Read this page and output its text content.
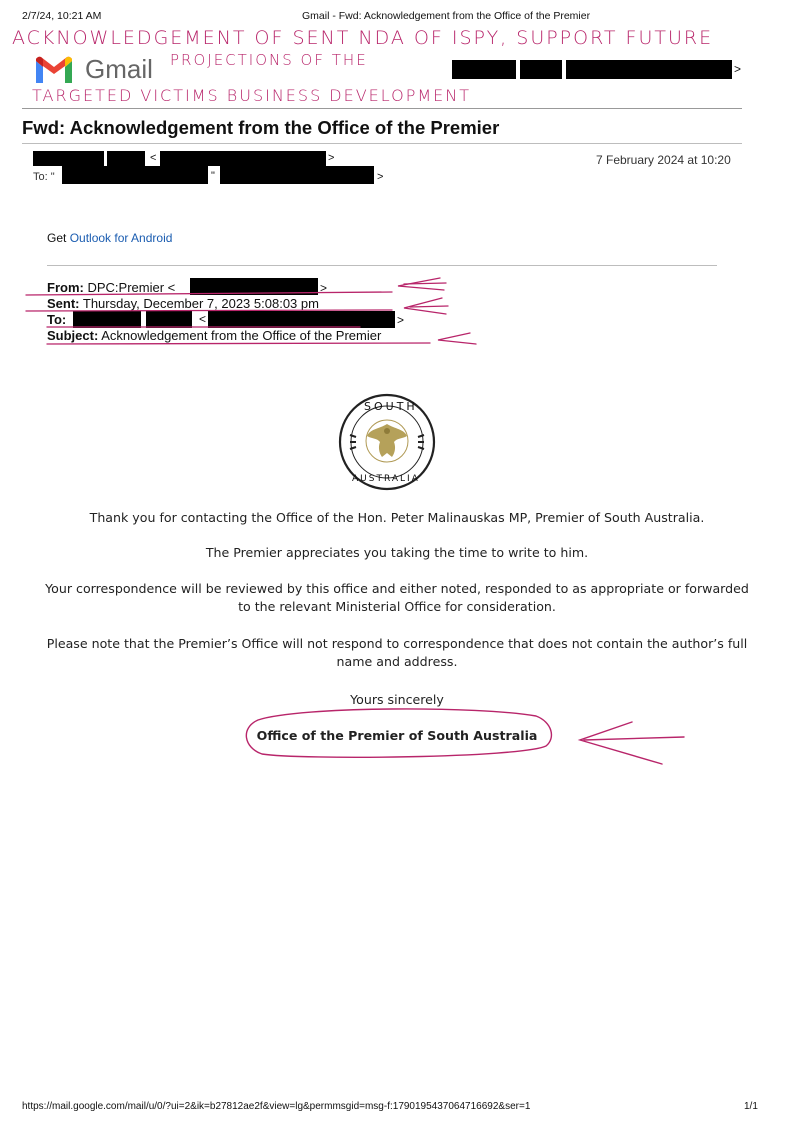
2/7/24, 10:21 AM	Gmail - Fwd: Acknowledgement from the Office of the Premier
ACKNOWLEDGEMENT OF SENT NDA OF ISPY, SUPPORT FUTURE
Gmail PROJECTIONS OF THE	>
TARGETED VICTIMS BUSINESS DEVELOPMENT
Fwd: Acknowledgement from the Office of the Premier
<	>	7 February 2024 at 10:20
To: "	"	>
Get Outlook for Android
From: DPC:Premier <	>
Sent: Thursday, December 7, 2023 5:08:03 pm
To:	<	>
Subject: Acknowledgement from the Office of the Premier
SOUTH
AUSTRALIA
Thank you for contacting the Office of the Hon. Peter Malinauskas MP, Premier of South Australia.
The Premier appreciates you taking the time to write to him.
Your correspondence will be reviewed by this office and either noted, responded to as appropriate or forwarded
to the relevant Ministerial Office for consideration.
Please note that the Premier’s Office will not respond to correspondence that does not contain the author’s full
name and address.
Yours sincerely
Office of the Premier of South Australia
https://mail.google.com/mail/u/0/?ui=2&ik=b27812ae2f&view=lg&permmsgid=msg-f:1790195437064716692&ser=1	1/1
